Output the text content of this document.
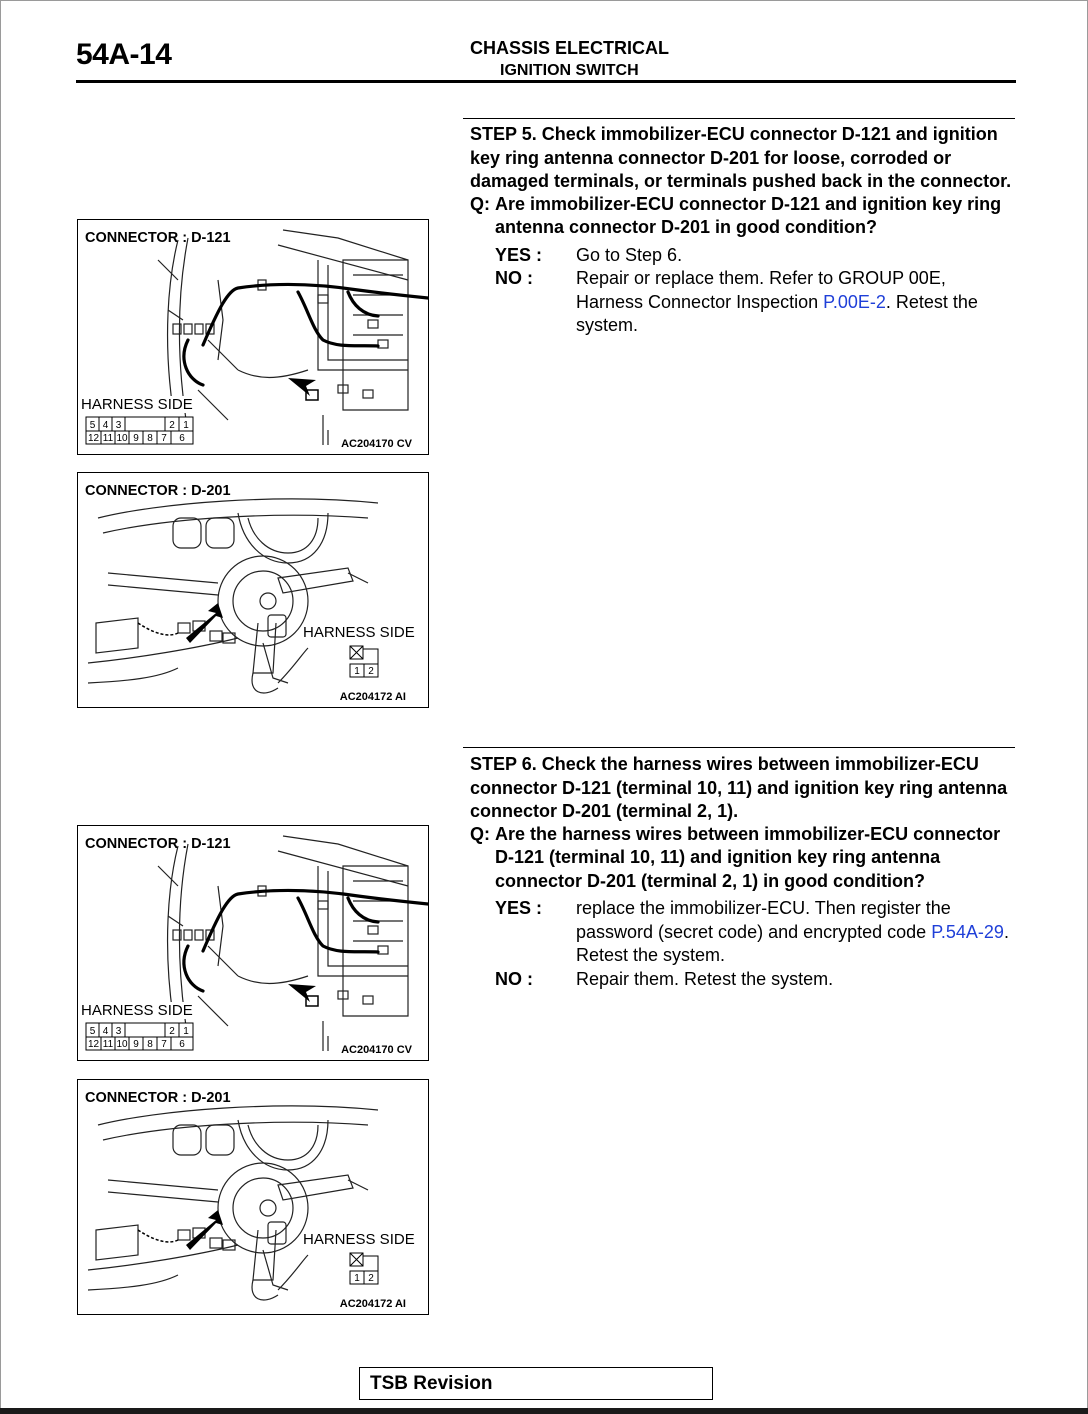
54A-14	CHASSIS ELECTRICAL
IGNITION SWITCH
STEP 5. Check immobilizer-ECU connector D-121 and ignition key ring antenna connector D-201 for loose, corroded or damaged terminals, or terminals pushed back in the connector.
Q: Are immobilizer-ECU connector D-121 and ignition key ring antenna connector D-201 in good condition?
YES : Go to Step 6.
NO : Repair or replace them. Refer to GROUP 00E, Harness Connector Inspection P.00E-2. Retest the system.
STEP 6. Check the harness wires between immobilizer-ECU connector D-121 (terminal 10, 11) and ignition key ring antenna connector D-201 (terminal 2, 1).
Q: Are the harness wires between immobilizer-ECU connector D-121 (terminal 10, 11) and ignition key ring antenna connector D-201 (terminal 2, 1) in good condition?
YES : replace the immobilizer-ECU. Then register the password (secret code) and encrypted code P.54A-29. Retest the system.
NO : Repair them. Retest the system.
5 4 3	2 1
12 11 10 9 8 7 6
CONNECTOR : D-121
HARNESS SIDE
AC204170 CV
1 2
CONNECTOR : D-201
HARNESS SIDE
AC204172 AI
5 4 3	2 1
12 11 10 9 8 7 6
CONNECTOR : D-121
HARNESS SIDE
AC204170 CV
1 2
CONNECTOR : D-201
HARNESS SIDE
AC204172 AI
TSB Revision
